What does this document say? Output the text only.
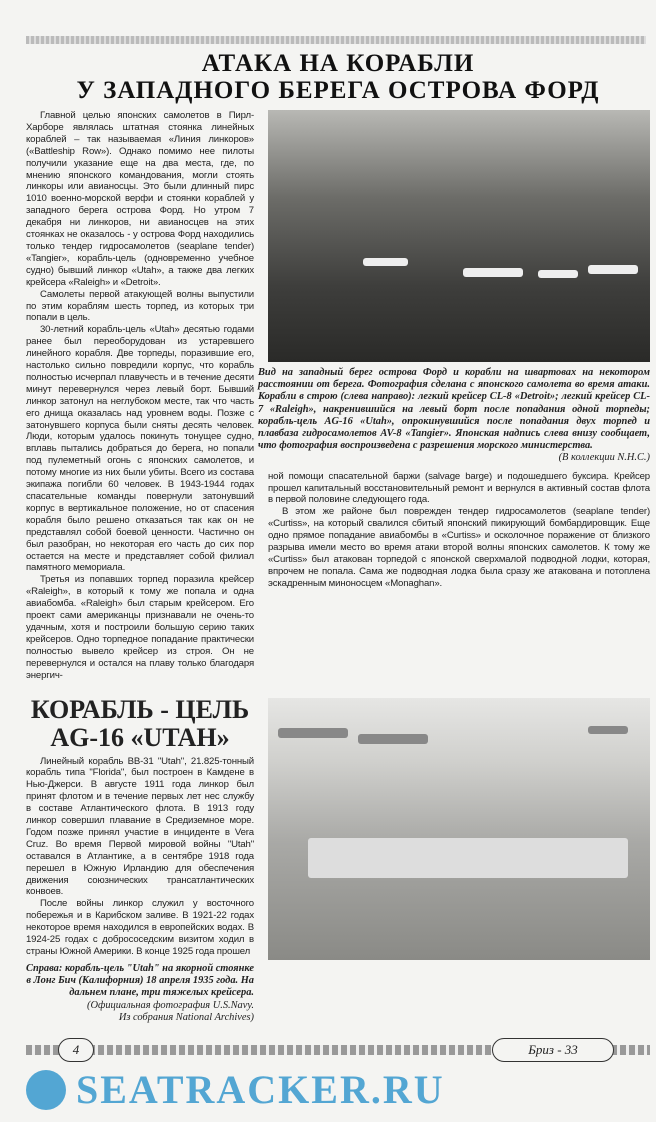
АТАКА НА КОРАБЛИ
У ЗАПАДНОГО БЕРЕГА ОСТРОВА ФОРД

Главной целью японских самолетов в Пирл-Харборе являлась штатная стоянка линейных кораблей – так называемая «Линия линкоров» («Battleship Row»). Однако помимо нее пилоты получили указание еще на два места, где, по мнению японского командования, могли стоять линкоры или авианосцы. Это были длинный пирс 1010 военно-морской верфи и стоянки кораблей у западного берега острова Форд. Но утром 7 декабря ни линкоров, ни авианосцев на этих стоянках не оказалось - у острова Форд находились только тендер гидросамолетов (seaplane tender) «Tangier», корабль-цель (одновременно учебное судно) бывший линкор «Utah», а также два легких крейсера «Raleigh» и «Detroit».

Самолеты первой атакующей волны выпустили по этим кораблям шесть торпед, из которых три попали в цель.

30-летний корабль-цель «Utah» десятью годами ранее был переоборудован из устаревшего линейного корабля. Две торпеды, поразившие его, настолько сильно повредили корпус, что корабль полностью исчерпал плавучесть и в течение десяти минут перевернулся через левый борт. Бывший линкор затонул на неглубоком месте, так что часть его днища оказалась над уровнем воды. Позже с затонувшего корпуса были сняты десять человек. Люди, которым удалось покинуть тонущее судно, вплавь пытались добраться до берега, но попали под пулеметный огонь с японских самолетов, и потому многие из них были убиты. Всего из состава экипажа погибли 60 человек. В 1943-1944 годах спасательные команды повернули затонувший корпус в вертикальное положение, но от спасения корабля было решено отказаться так как он не представлял собой боевой ценности. Частично он был разобран, но некоторая его часть до сих пор остается на месте и представляет собой филиал памятного мемориала.

Третья из попавших торпед поразила крейсер «Raleigh», в который к тому же попала и одна авиабомба. «Raleigh» был старым крейсером. Его проект сами американцы признавали не очень-то удачным, хотя и построили большую серию таких крейсеров. Одно торпедное попадание практически полностью вывело крейсер из строя. Он не перевернулся и остался на плаву только благодаря энергич-

Вид на западный берег острова Форд и корабли на швартовах на некотором расстоянии от берега. Фотография сделана с японского самолета во время атаки. Корабли в строю (слева направо): легкий крейсер CL-8 «Detroit»; легкий крейсер CL-7 «Raleigh», накренившийся на левый борт после попадания одной торпеды; корабль-цель AG-16 «Utah», опрокинувшийся после попадания двух торпед и плавбаза гидросамолетов AV-8 «Tangier». Японская надпись слева внизу сообщает, что фотография воспроизведена с разрешения морского министерства.
(В коллекции N.H.C.)

ной помощи спасательной баржи (salvage barge) и подошедшего буксира. Крейсер прошел капитальный восстановительный ремонт и вернулся в активный состав флота в первой половине следующего года.

В этом же районе был поврежден тендер гидросамолетов (seaplane tender) «Curtiss», на который свалился сбитый японский пикирующий бомбардировщик. Еще одно прямое попадание авиабомбы в «Curtiss» и осколочное поражение от близкого разрыва имели место во время атаки второй волны японских самолетов. К тому же «Curtiss» был атакован торпедой с японской сверхмалой подводной лодки, которая, впрочем не попала. Сама же подводная лодка была сразу же атакована и потоплена эскадренным миноносцем «Monaghan».

КОРАБЛЬ - ЦЕЛЬ
AG-16 «UTAH»

Линейный корабль BB-31 "Utah", 21.825-тонный корабль типа "Florida", был построен в Камдене в Нью-Джерси. В августе 1911 года линкор был принят флотом и в течение первых лет нес службу в составе Атлантического флота. В 1913 году линкор совершил плавание в Средиземное море. Годом позже принял участие в инциденте в Vera Cruz. Во время Первой мировой войны "Utah" оставался в Атлантике, а в сентябре 1918 года перешел в Южную Ирландию для обеспечения движения союзнических трансатлантических конвоев.

После войны линкор служил у восточного побережья и в Карибском заливе. В 1921-22 годах некоторое время находился в европейских водах. В 1924-25 годах с добрососедским визитом ходил в страны Южной Америки. В конце 1925 года прошел

Справа: корабль-цель "Utah" на якорной стоянке в Лонг Бич (Калифорния) 18 апреля 1935 года. На дальнем плане, три тяжелых крейсера.
(Официальная фотография U.S.Navy.
Из собрания National Archives)
4	Бриз - 33
SEATRACKER.RU
